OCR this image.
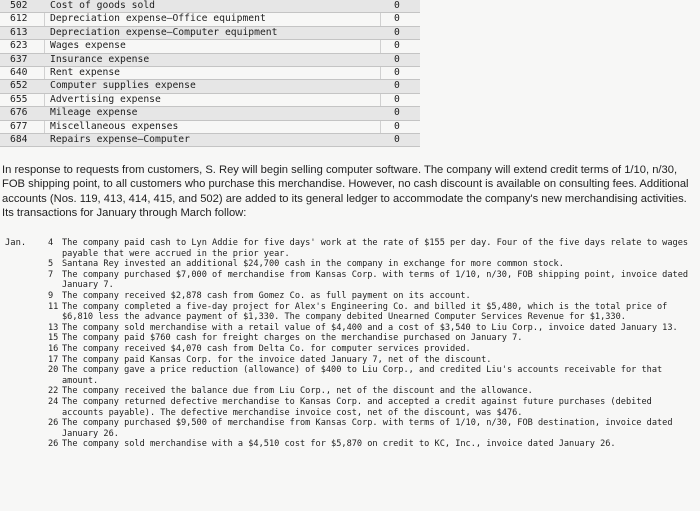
502 Cost of goods sold	0
612 Depreciation expense—Office equipment	0
613 Depreciation expense—Computer equipment	0
623 Wages expense	0
637 Insurance expense	0
640 Rent expense	0
652 Computer supplies expense	0
655 Advertising expense	0
676 Mileage expense	0
677 Miscellaneous expenses	0
684 Repairs expense—Computer	0
In response to requests from customers, S. Rey will begin selling computer software. The company will extend credit terms of 1/10, n/30, FOB shipping point, to all customers who purchase this merchandise. However, no cash discount is available on consulting fees. Additional accounts (Nos. 119, 413, 414, 415, and 502) are added to its general ledger to accommodate the company's new merchandising activities. Its transactions for January through March follow:
Jan.	4 The company paid cash to Lyn Addie for five days' work at the rate of $155 per day. Four of the five days relate to wages payable that were accrued in the prior year.
5 Santana Rey invested an additional $24,700 cash in the company in exchange for more common stock.
7 The company purchased $7,000 of merchandise from Kansas Corp. with terms of 1/10, n/30, FOB shipping point, invoice dated January 7.
9 The company received $2,878 cash from Gomez Co. as full payment on its account.
11 The company completed a five-day project for Alex's Engineering Co. and billed it $5,480, which is the total price of $6,810 less the advance payment of $1,330. The company debited Unearned Computer Services Revenue for $1,330.
13 The company sold merchandise with a retail value of $4,400 and a cost of $3,540 to Liu Corp., invoice dated January 13.
15 The company paid $760 cash for freight charges on the merchandise purchased on January 7.
16 The company received $4,070 cash from Delta Co. for computer services provided.
17 The company paid Kansas Corp. for the invoice dated January 7, net of the discount.
20 The company gave a price reduction (allowance) of $400 to Liu Corp., and credited Liu's accounts receivable for that amount.
22 The company received the balance due from Liu Corp., net of the discount and the allowance.
24 The company returned defective merchandise to Kansas Corp. and accepted a credit against future purchases (debited accounts payable). The defective merchandise invoice cost, net of the discount, was $476.
26 The company purchased $9,500 of merchandise from Kansas Corp. with terms of 1/10, n/30, FOB destination, invoice dated January 26.
26 The company sold merchandise with a $4,510 cost for $5,870 on credit to KC, Inc., invoice dated January 26.
